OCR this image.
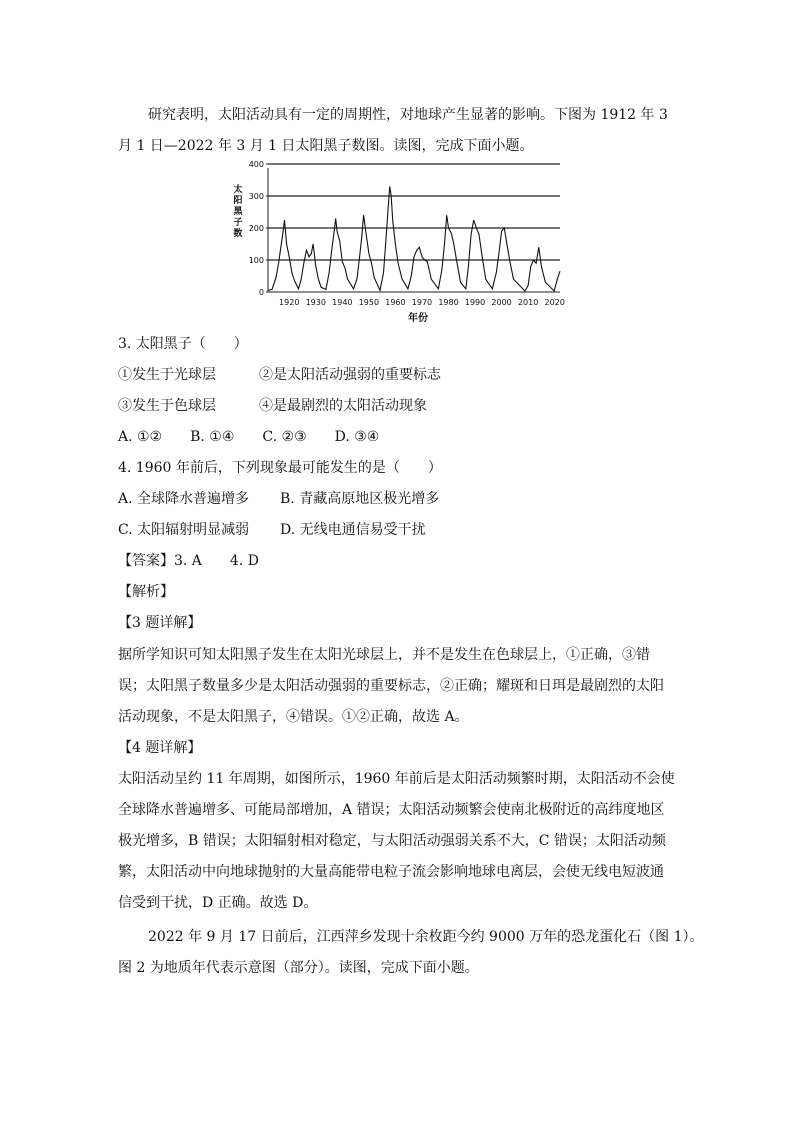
研究表明，太阳活动具有一定的周期性，对地球产生显著的影响。下图为 1912 年 3
月 1 日—2022 年 3 月 1 日太阳黑子数图。读图，完成下面小题。
太
阳
黑
子
数
0
100
200
300
400
1920 1930 1940 1950 1960 1970 1980 1990 2000 2010 2020
年份
3. 太阳黑子（　　）
①发生于光球层	②是太阳活动强弱的重要标志
③发生于色球层	④是最剧烈的太阳活动现象
A. ①②　　B. ①④　　C. ②③　　D. ③④
4. 1960 年前后，下列现象最可能发生的是（　　）
A. 全球降水普遍增多 B. 青藏高原地区极光增多
C. 太阳辐射明显减弱 D. 无线电通信易受干扰
【答案】3. A　　4. D
【解析】
【3 题详解】
据所学知识可知太阳黑子发生在太阳光球层上，并不是发生在色球层上，①正确，③错
误；太阳黑子数量多少是太阳活动强弱的重要标志，②正确；耀斑和日珥是最剧烈的太阳
活动现象，不是太阳黑子，④错误。①②正确，故选 A。
【4 题详解】
太阳活动呈约 11 年周期，如图所示，1960 年前后是太阳活动频繁时期，太阳活动不会使
全球降水普遍增多、可能局部增加，A 错误；太阳活动频繁会使南北极附近的高纬度地区
极光增多，B 错误；太阳辐射相对稳定，与太阳活动强弱关系不大，C 错误；太阳活动频
繁，太阳活动中向地球抛射的大量高能带电粒子流会影响地球电离层，会使无线电短波通
信受到干扰，D 正确。故选 D。
2022 年 9 月 17 日前后，江西萍乡发现十余枚距今约 9000 万年的恐龙蛋化石（图 1）。
图 2 为地质年代表示意图（部分）。读图，完成下面小题。
